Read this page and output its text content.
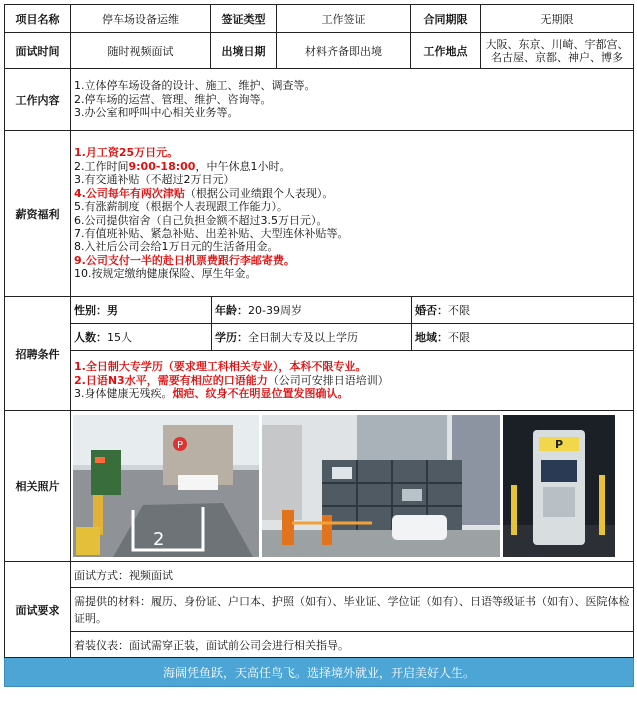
项目名称	停车场设备运维	签证类型	工作签证	合同期限	无期限
面试时间	随时视频面试	出境日期	材料齐备即出境	工作地点	大阪、东京、川崎、宇都宫、名古屋、京都、神户、博多
工作内容	
1.立体停车场设备的设计、施工、维护、调查等。
2.停车场的运营、管理、维护、咨询等。
3.办公室和呼叫中心相关业务等。

薪资福利	
1.月工资25万日元。
2.工作时间9:00-18:00，中午休息1小时。
3.有交通补贴（不超过2万日元）
4.公司每年有两次津贴（根据公司业绩跟个人表现）。
5.有涨薪制度（根据个人表现跟工作能力）。
6.公司提供宿舍（自己负担金额不超过3.5万日元）。
7.有值班补贴、紧急补贴、出差补贴、大型连休补贴等。
8.入社后公司会给1万日元的生活备用金。
9.公司支付一半的赴日机票费跟行李邮寄费。
10.按规定缴纳健康保险、厚生年金。

招聘条件	
性别：男	年龄：20-39周岁	婚否：不限
人数：15人	学历：全日制大专及以上学历	地域：不限

1.全日制大专学历（要求理工科相关专业），本科不限专业。
2.日语N3水平，需要有相应的口语能力（公司可安排日语培训）
3.身体健康无残疾。烟疤、纹身不在明显位置发图确认。

相关照片	
P
2
P

面试要求	面试方式：视频面试
需提供的材料：履历、身份证、户口本、护照（如有）、毕业证、学位证（如有）、日语等级证书（如有）、医院体检证明。
着装仪表：面试需穿正装，面试前公司会进行相关指导。
海阔凭鱼跃，天高任鸟飞。选择境外就业，开启美好人生。
